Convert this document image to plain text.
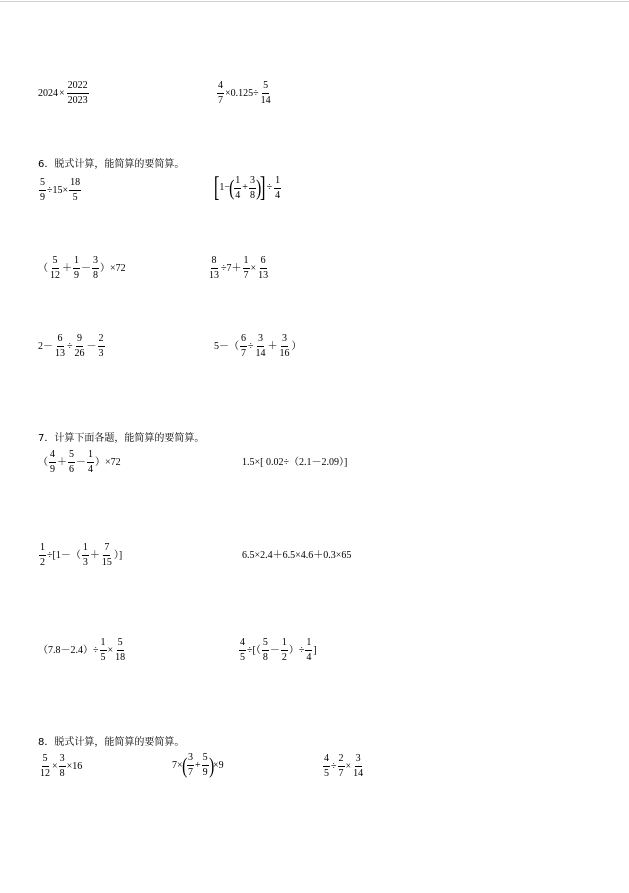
$2024 \times \frac{2022}{2023}$	$\frac{4}{7} \times 0.125\div \frac{5}{14}$
6．脱式计算，能简算的要简算。
$\frac{5}{9} \div 15\times \frac{18}{5}$	[ 1− ( $\frac{1}{4} + \frac{3}{8}$ )
] ÷ $\frac{1}{4}$
（ $\frac{5}{12} + \frac{1}{9} - \frac{3}{8}$ ） ×72	$\frac{8}{13} \div 7+ \frac{1}{7} \times \frac{6}{13}$
$2- \frac{6}{13} \div \frac{9}{26} - \frac{2}{3}$	$5-( \frac{6}{7} \div \frac{3}{14} + \frac{3}{16}$ ）
7．计算下面各题，能简算的要简算。
（ $\frac{4}{9} + \frac{5}{6} - \frac{1}{4}$ ） ×72	1.5×[ 0.02÷（2.1－2.09）]
$\frac{1}{2} \div[1-( \frac{1}{3} + \frac{7}{15}$ ）]	6.5×2.4＋6.5×4.6＋0.3×65
$(7.8-2.4)\div \frac{1}{5} \times \frac{5}{18}$	$\frac{4}{5}$ ÷[（ $\frac{5}{8} - \frac{1}{2}$ ）÷ $\frac{1}{4}$ ]
8．脱式计算，能简算的要简算。
$\frac{5}{12} \times \frac{3}{8} \times 16$	7× ( $\frac{3}{7} + \frac{5}{9}$ ) ×9	$\frac{4}{5} \div \frac{2}{7} \times \frac{3}{14}$
